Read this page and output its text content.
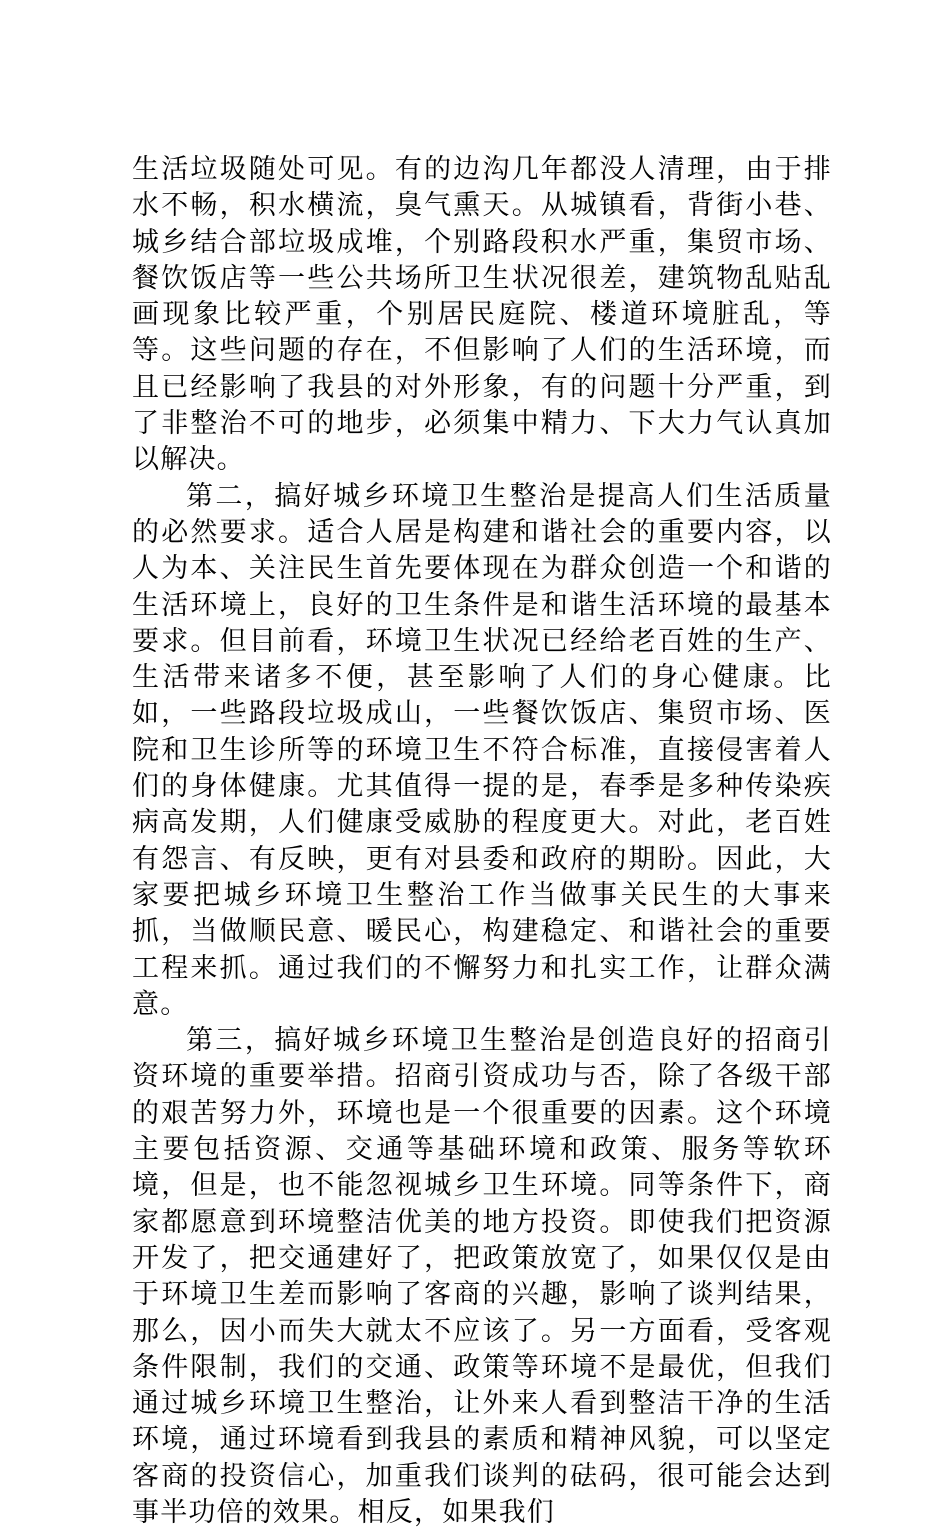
生活垃圾随处可见。有的边沟几年都没人清理，由于排水不畅，积水横流，臭气熏天。从城镇看，背街小巷、城乡结合部垃圾成堆，个别路段积水严重，集贸市场、餐饮饭店等一些公共场所卫生状况很差，建筑物乱贴乱画现象比较严重，个别居民庭院、楼道环境脏乱，等等。这些问题的存在，不但影响了人们的生活环境，而且已经影响了我县的对外形象，有的问题十分严重，到了非整治不可的地步，必须集中精力、下大力气认真加以解决。

第二，搞好城乡环境卫生整治是提高人们生活质量的必然要求。适合人居是构建和谐社会的重要内容，以人为本、关注民生首先要体现在为群众创造一个和谐的生活环境上，良好的卫生条件是和谐生活环境的最基本要求。但目前看，环境卫生状况已经给老百姓的生产、生活带来诸多不便，甚至影响了人们的身心健康。比如，一些路段垃圾成山，一些餐饮饭店、集贸市场、医院和卫生诊所等的环境卫生不符合标准，直接侵害着人们的身体健康。尤其值得一提的是，春季是多种传染疾病高发期，人们健康受威胁的程度更大。对此，老百姓有怨言、有反映，更有对县委和政府的期盼。因此，大家要把城乡环境卫生整治工作当做事关民生的大事来抓，当做顺民意、暖民心，构建稳定、和谐社会的重要工程来抓。通过我们的不懈努力和扎实工作，让群众满意。

第三，搞好城乡环境卫生整治是创造良好的招商引资环境的重要举措。招商引资成功与否，除了各级干部的艰苦努力外，环境也是一个很重要的因素。这个环境主要包括资源、交通等基础环境和政策、服务等软环境，但是，也不能忽视城乡卫生环境。同等条件下，商家都愿意到环境整洁优美的地方投资。即使我们把资源开发了，把交通建好了，把政策放宽了，如果仅仅是由于环境卫生差而影响了客商的兴趣，影响了谈判结果，那么，因小而失大就太不应该了。另一方面看，受客观条件限制，我们的交通、政策等环境不是最优，但我们通过城乡环境卫生整治，让外来人看到整洁干净的生活环境，通过环境看到我县的素质和精神风貌，可以坚定客商的投资信心，加重我们谈判的砝码，很可能会达到事半功倍的效果。相反，如果我们
